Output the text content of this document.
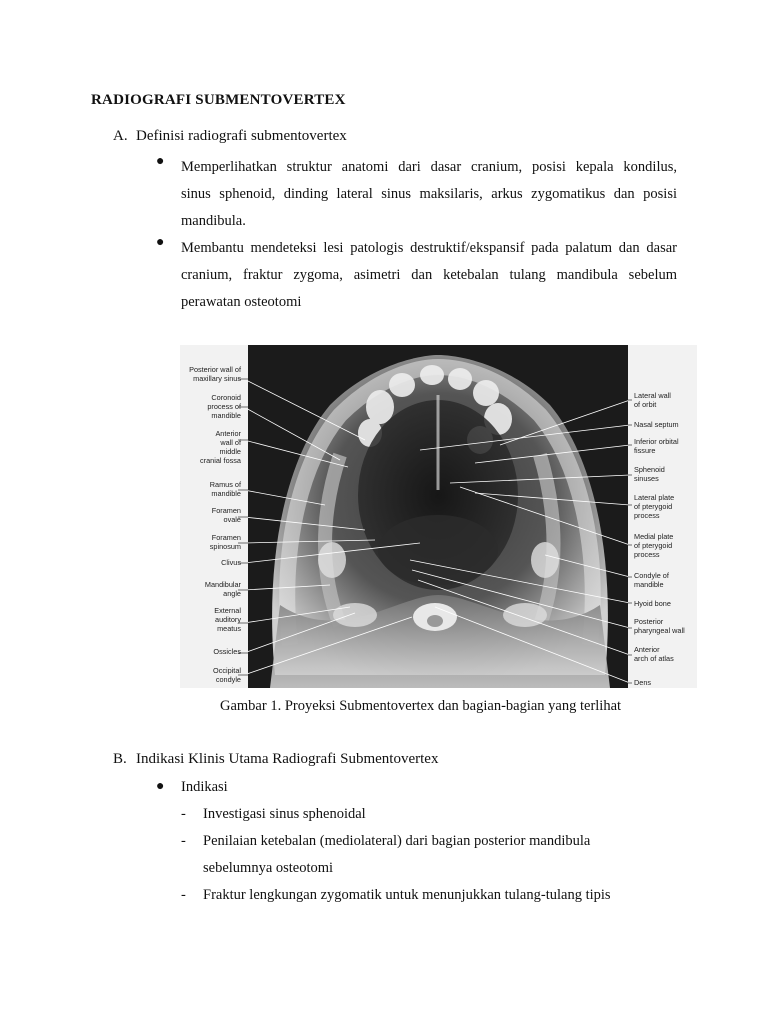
RADIOGRAFI SUBMENTOVERTEX
A. Definisi radiografi submentovertex
● Memperlihatkan struktur anatomi dari dasar cranium, posisi kepala kondilus,
sinus sphenoid, dinding lateral sinus maksilaris, arkus zygomatikus dan posisi
mandibula.
● Membantu mendeteksi lesi patologis destruktif/ekspansif pada palatum dan dasar
cranium, fraktur zygoma, asimetri dan ketebalan tulang mandibula sebelum
perawatan osteotomi
Posterior wall of maxillary sinus
Coronoid process of mandible
Anterior wall of middle cranial fossa
Ramus of mandible
Foramen ovale
Foramen spinosum
Clivus
Mandibular angle
External auditory meatus
Ossicles
Occipital condyle
Lateral wall of orbit
Nasal septum
Inferior orbital fissure
Sphenoid sinuses
Lateral plate of pterygoid process
Medial plate of pterygoid process
Condyle of mandible
Hyoid bone
Posterior pharyngeal wall
Anterior arch of atlas
Dens
Gambar 1. Proyeksi Submentovertex dan bagian-bagian yang terlihat
B. Indikasi Klinis Utama Radiografi Submentovertex
● Indikasi
- Investigasi sinus sphenoidal
- Penilaian ketebalan (mediolateral) dari bagian posterior mandibula
sebelumnya osteotomi
- Fraktur lengkungan zygomatik untuk menunjukkan tulang-tulang tipis
